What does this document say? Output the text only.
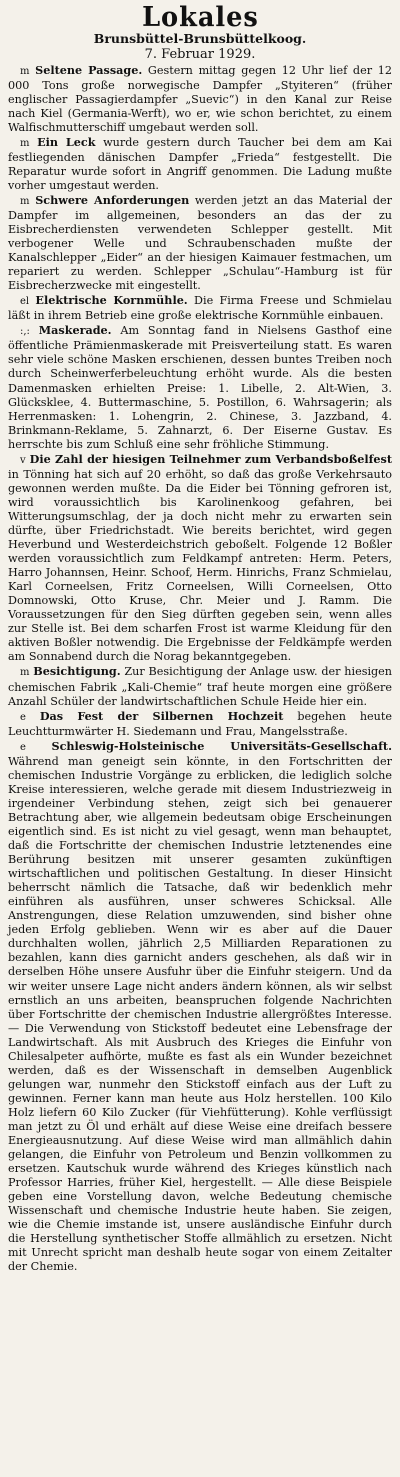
Lokales
Brunsbüttel-Brunsbüttelkoog.
7. Februar 1929.

m Seltene Passage. Gestern mittag gegen 12 Uhr lief der 12 000 Tons große norwegische Dampfer „Styiteren“ (früher englischer Passagierdampfer „Suevic“) in den Kanal zur Reise nach Kiel (Germania-Werft), wo er, wie schon berichtet, zu einem Walfischmutterschiff umgebaut werden soll.

m Ein Leck wurde gestern durch Taucher bei dem am Kai festliegenden dänischen Dampfer „Frieda“ festgestellt. Die Reparatur wurde sofort in Angriff genommen. Die Ladung mußte vorher umgestaut werden.

m Schwere Anforderungen werden jetzt an das Material der Dampfer im allgemeinen, besonders an das der zu Eisbrecherdiensten verwendeten Schlepper gestellt. Mit verbogener Welle und Schraubenschaden mußte der Kanalschlepper „Eider“ an der hiesigen Kaimauer festmachen, um repariert zu werden. Schlepper „Schulau“-Hamburg ist für Eisbrecherzwecke mit eingestellt.

el Elektrische Kornmühle. Die Firma Freese und Schmielau läßt in ihrem Betrieb eine große elektrische Kornmühle einbauen.

:,: Maskerade. Am Sonntag fand in Nielsens Gasthof eine öffentliche Prämienmaskerade mit Preisverteilung statt. Es waren sehr viele schöne Masken erschienen, dessen buntes Treiben noch durch Scheinwerferbeleuchtung erhöht wurde. Als die besten Damenmasken erhielten Preise: 1. Libelle, 2. Alt-Wien, 3. Glücksklee, 4. Buttermaschine, 5. Postillon, 6. Wahrsagerin; als Herrenmasken: 1. Lohengrin, 2. Chinese, 3. Jazzband, 4. Brinkmann-Reklame, 5. Zahnarzt, 6. Der Eiserne Gustav. Es herrschte bis zum Schluß eine sehr fröhliche Stimmung.

v Die Zahl der hiesigen Teilnehmer zum Verbandsboßelfest in Tönning hat sich auf 20 erhöht, so daß das große Verkehrsauto gewonnen werden mußte. Da die Eider bei Tönning gefroren ist, wird voraussichtlich bis Karolinenkoog gefahren, bei Witterungsumschlag, der ja doch nicht mehr zu erwarten sein dürfte, über Friedrichstadt. Wie bereits berichtet, wird gegen Heverbund und Westerdeichstrich geboßelt. Folgende 12 Boßler werden voraussichtlich zum Feldkampf antreten: Herm. Peters, Harro Johannsen, Heinr. Schoof, Herm. Hinrichs, Franz Schmielau, Karl Corneelsen, Fritz Corneelsen, Willi Corneelsen, Otto Domnowski, Otto Kruse, Chr. Meier und J. Ramm. Die Voraussetzungen für den Sieg dürften gegeben sein, wenn alles zur Stelle ist. Bei dem scharfen Frost ist warme Kleidung für den aktiven Boßler notwendig. Die Ergebnisse der Feldkämpfe werden am Sonnabend durch die Norag bekanntgegeben.

m Besichtigung. Zur Besichtigung der Anlage usw. der hiesigen chemischen Fabrik „Kali-Chemie“ traf heute morgen eine größere Anzahl Schüler der landwirtschaftlichen Schule Heide hier ein.

e Das Fest der Silbernen Hochzeit begehen heute Leuchtturmwärter H. Siedemann und Frau, Mangelsstraße.

e Schleswig-Holsteinische Universitäts-Gesellschaft. Während man geneigt sein könnte, in den Fortschritten der chemischen Industrie Vorgänge zu erblicken, die lediglich solche Kreise interessieren, welche gerade mit diesem Industriezweig in irgendeiner Verbindung stehen, zeigt sich bei genauerer Betrachtung aber, wie allgemein bedeutsam obige Erscheinungen eigentlich sind. Es ist nicht zu viel gesagt, wenn man behauptet, daß die Fortschritte der chemischen Industrie letztenendes eine Berührung besitzen mit unserer gesamten zukünftigen wirtschaftlichen und politischen Gestaltung. In dieser Hinsicht beherrscht nämlich die Tatsache, daß wir bedenklich mehr einführen als ausführen, unser schweres Schicksal. Alle Anstrengungen, diese Relation umzuwenden, sind bisher ohne jeden Erfolg geblieben. Wenn wir es aber auf die Dauer durchhalten wollen, jährlich 2,5 Milliarden Reparationen zu bezahlen, kann dies garnicht anders geschehen, als daß wir in derselben Höhe unsere Ausfuhr über die Einfuhr steigern. Und da wir weiter unsere Lage nicht anders ändern können, als wir selbst ernstlich an uns arbeiten, beanspruchen folgende Nachrichten über Fortschritte der chemischen Industrie allergrößtes Interesse. — Die Verwendung von Stickstoff bedeutet eine Lebensfrage der Landwirtschaft. Als mit Ausbruch des Krieges die Einfuhr von Chilesalpeter aufhörte, mußte es fast als ein Wunder bezeichnet werden, daß es der Wissenschaft in demselben Augenblick gelungen war, nunmehr den Stickstoff einfach aus der Luft zu gewinnen. Ferner kann man heute aus Holz herstellen. 100 Kilo Holz liefern 60 Kilo Zucker (für Viehfütterung). Kohle verflüssigt man jetzt zu Öl und erhält auf diese Weise eine dreifach bessere Energieausnutzung. Auf diese Weise wird man allmählich dahin gelangen, die Einfuhr von Petroleum und Benzin vollkommen zu ersetzen. Kautschuk wurde während des Krieges künstlich nach Professor Harries, früher Kiel, hergestellt. — Alle diese Beispiele geben eine Vorstellung davon, welche Bedeutung chemische Wissenschaft und chemische Industrie heute haben. Sie zeigen, wie die Chemie imstande ist, unsere ausländische Einfuhr durch die Herstellung synthetischer Stoffe allmählich zu ersetzen. Nicht mit Unrecht spricht man deshalb heute sogar von einem Zeitalter der Chemie.
